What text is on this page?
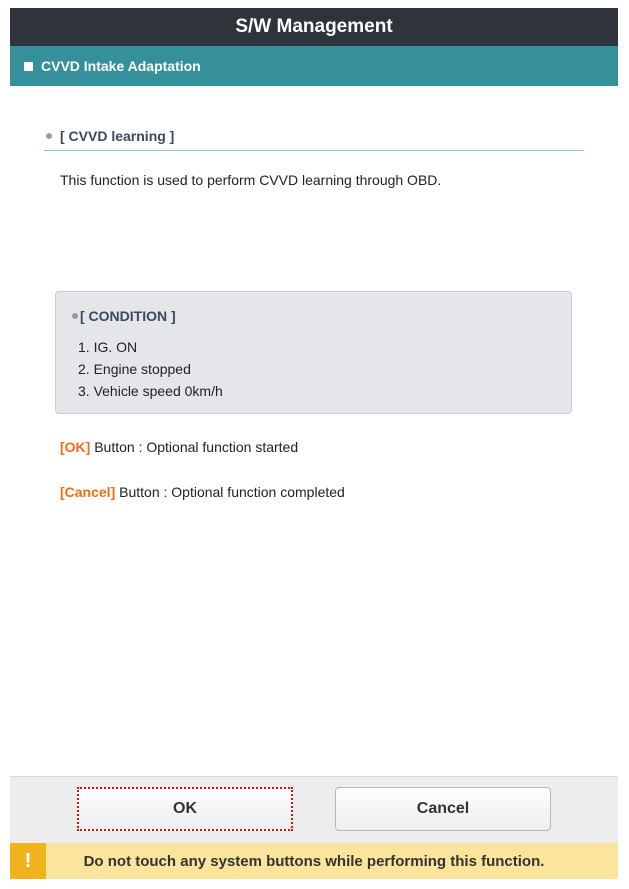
S/W Management
CVVD Intake Adaptation
[ CVVD learning ]
This function is used to perform CVVD learning through OBD.
[ CONDITION ]
1. IG. ON
2. Engine stopped
3. Vehicle speed 0km/h
[OK] Button : Optional function started
[Cancel] Button : Optional function completed
OK	Cancel
!	Do not touch any system buttons while performing this function.
